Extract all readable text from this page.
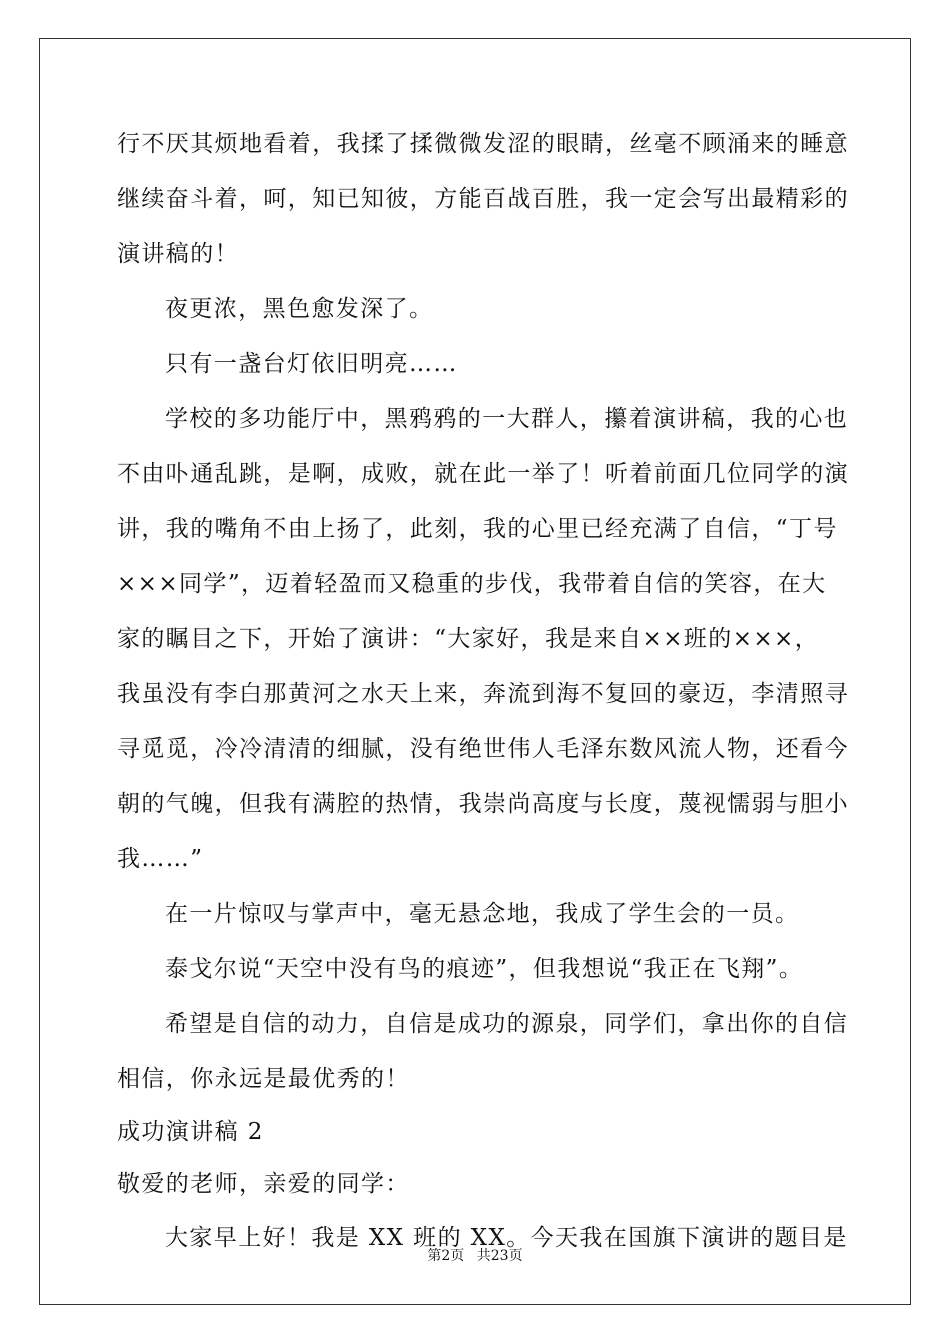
行不厌其烦地看着，我揉了揉微微发涩的眼睛，丝毫不顾涌来的睡意
继续奋斗着，呵，知已知彼，方能百战百胜，我一定会写出最精彩的
演讲稿的！
夜更浓，黑色愈发深了。
只有一盏台灯依旧明亮……
学校的多功能厅中，黑鸦鸦的一大群人，攥着演讲稿，我的心也
不由卟通乱跳，是啊，成败，就在此一举了！听着前面几位同学的演
讲，我的嘴角不由上扬了，此刻，我的心里已经充满了自信，“丁号
×××同学”，迈着轻盈而又稳重的步伐，我带着自信的笑容，在大
家的瞩目之下，开始了演讲：“大家好，我是来自××班的×××，
我虽没有李白那黄河之水天上来，奔流到海不复回的豪迈，李清照寻
寻觅觅，冷冷清清的细腻，没有绝世伟人毛泽东数风流人物，还看今
朝的气魄，但我有满腔的热情，我崇尚高度与长度，蔑视懦弱与胆小
我……”
在一片惊叹与掌声中，毫无悬念地，我成了学生会的一员。
泰戈尔说“天空中没有鸟的痕迹”，但我想说“我正在飞翔”。
希望是自信的动力，自信是成功的源泉，同学们，拿出你的自信
相信，你永远是最优秀的！
成功演讲稿 2
敬爱的老师，亲爱的同学：
大家早上好！我是 XX 班的 XX。今天我在国旗下演讲的题目是
第2页 共23页
